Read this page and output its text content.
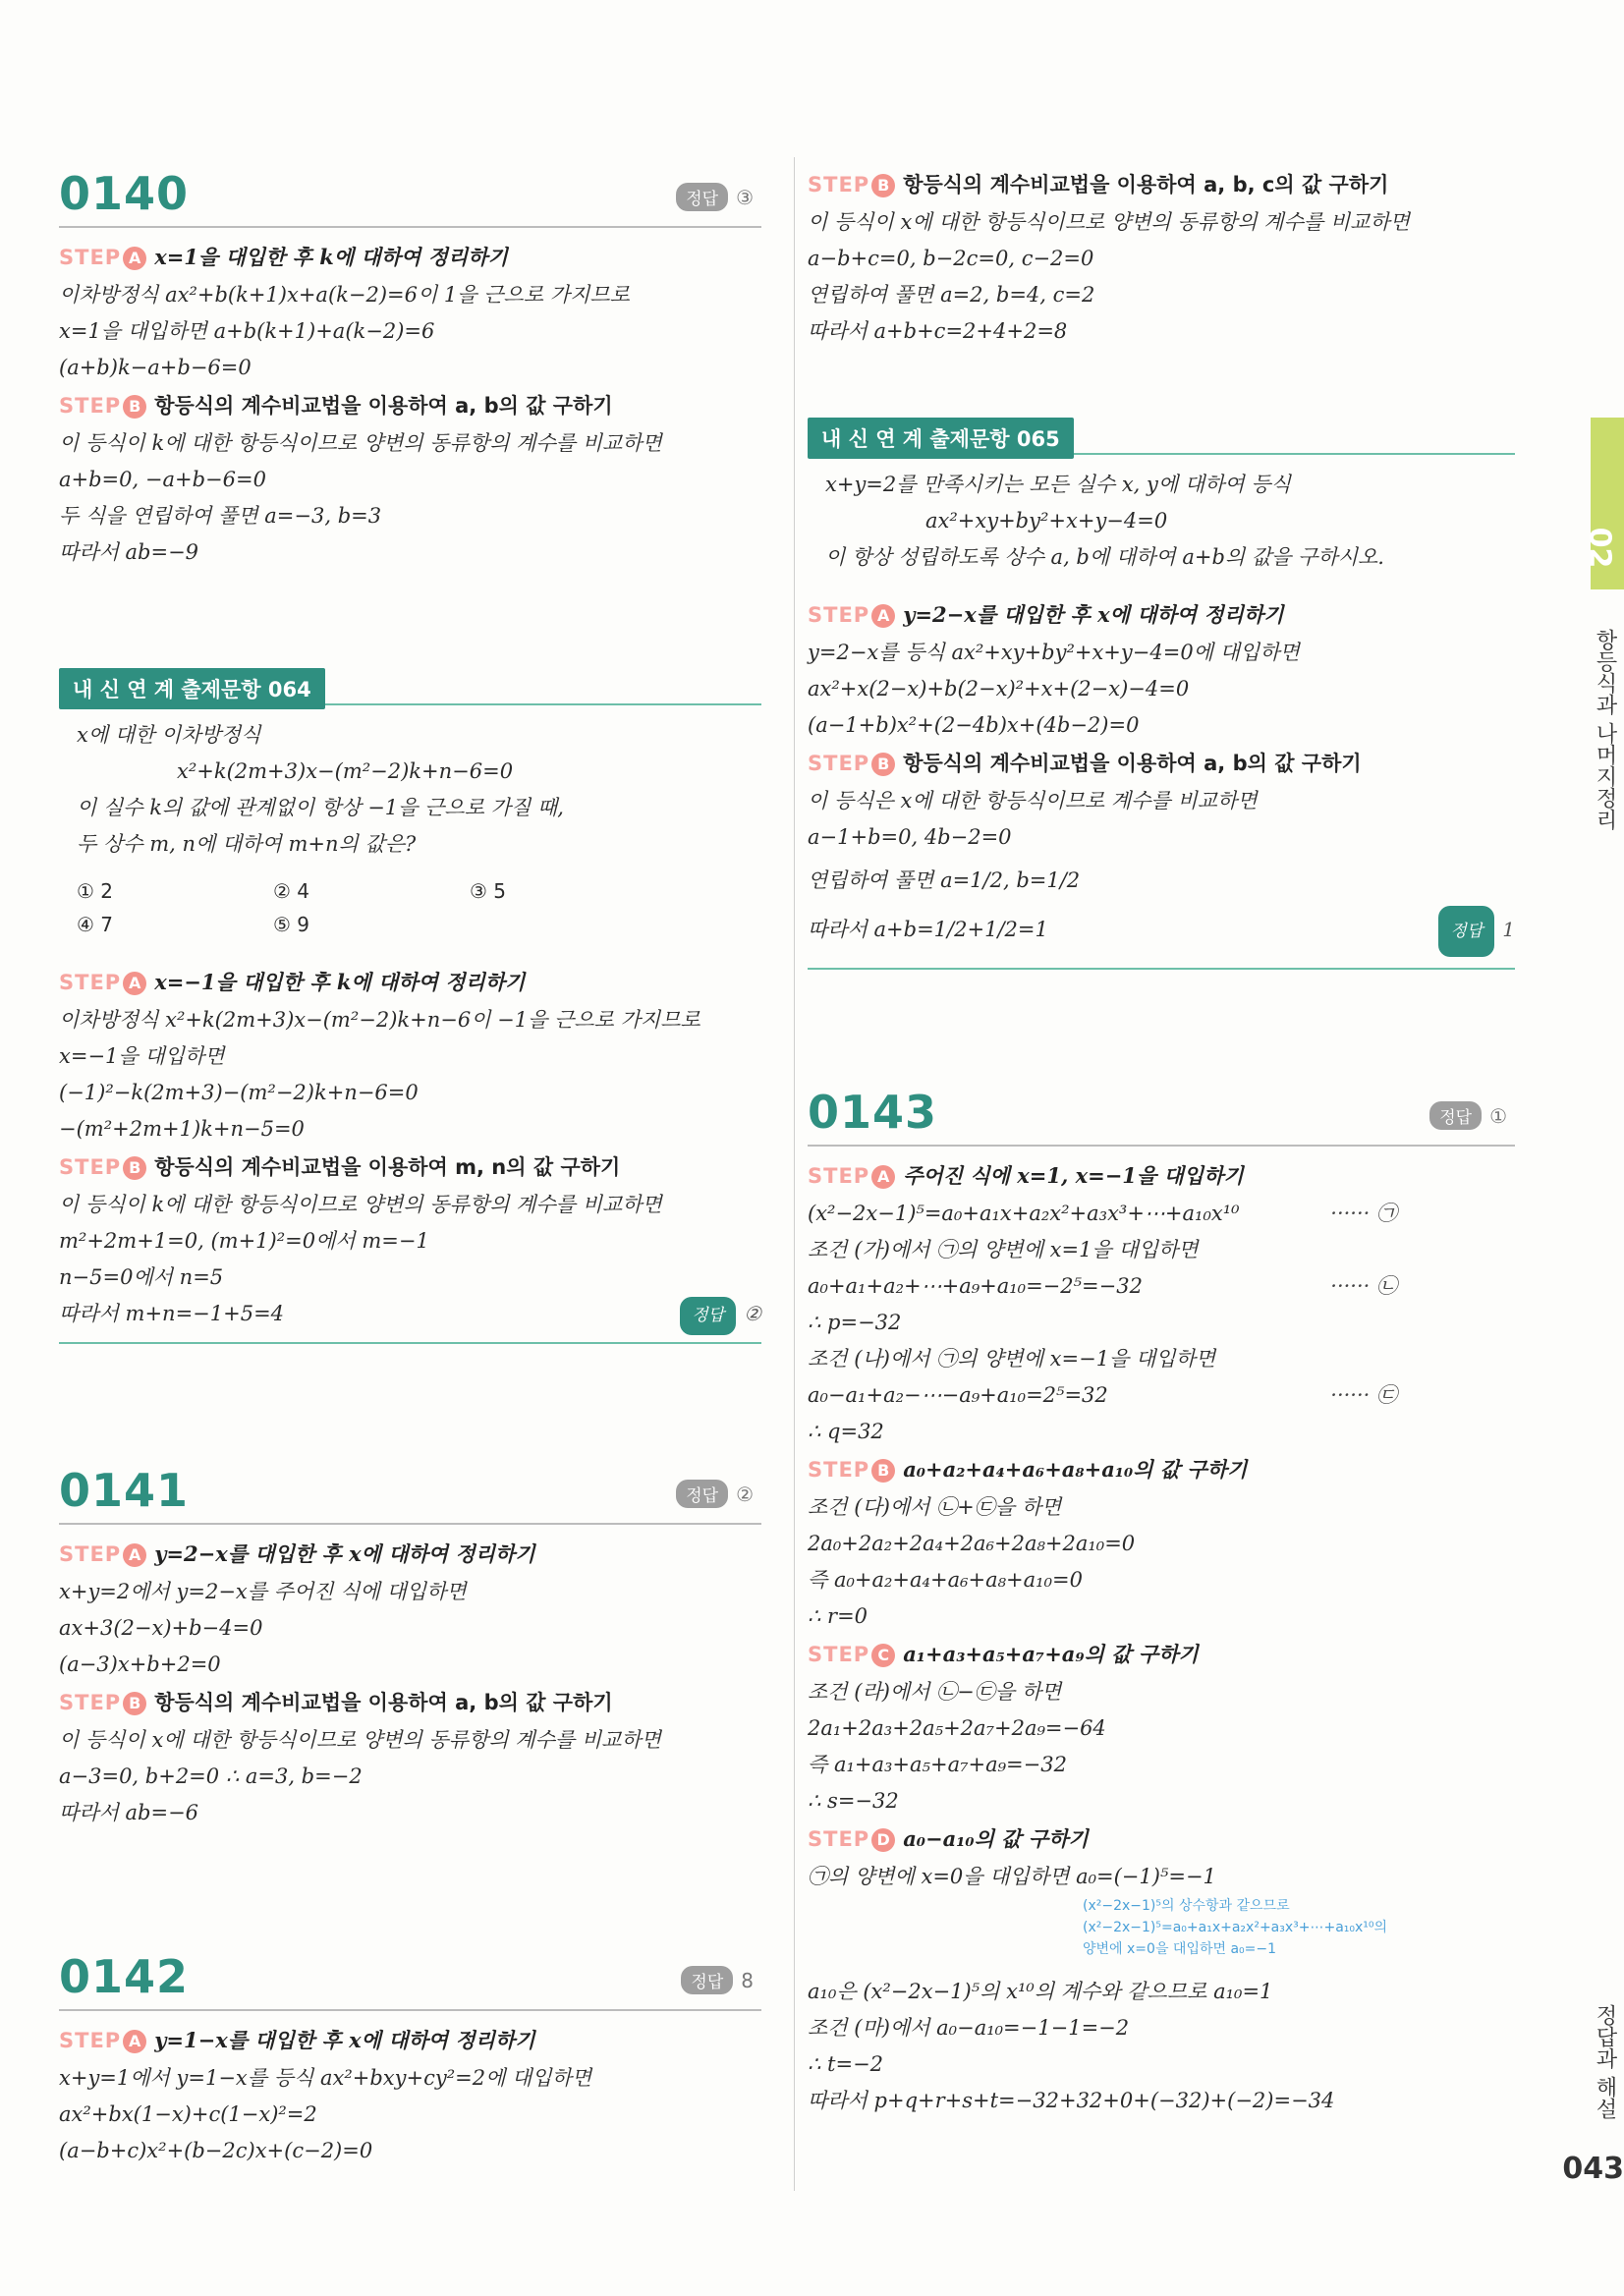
0140	정답 ③
STEP A x=1을 대입한 후 k에 대하여 정리하기
이차방정식 ax²+b(k+1)x+a(k−2)=6이 1을 근으로 가지므로
x=1을 대입하면 a+b(k+1)+a(k−2)=6
(a+b)k−a+b−6=0
STEP B 항등식의 계수비교법을 이용하여 a, b의 값 구하기
이 등식이 k에 대한 항등식이므로 양변의 동류항의 계수를 비교하면
a+b=0, −a+b−6=0
두 식을 연립하여 풀면 a=−3, b=3
따라서 ab=−9
내 신 연 계 출제문항 064
x에 대한 이차방정식
x²+k(2m+3)x−(m²−2)k+n−6=0
이 실수 k의 값에 관계없이 항상 −1을 근으로 가질 때,
두 상수 m, n에 대하여 m+n의 값은?
① 2	② 4	③ 5
④ 7	⑤ 9
STEP A x=−1을 대입한 후 k에 대하여 정리하기
이차방정식 x²+k(2m+3)x−(m²−2)k+n−6이 −1을 근으로 가지므로
x=−1을 대입하면
(−1)²−k(2m+3)−(m²−2)k+n−6=0
−(m²+2m+1)k+n−5=0
STEP B 항등식의 계수비교법을 이용하여 m, n의 값 구하기
이 등식이 k에 대한 항등식이므로 양변의 동류항의 계수를 비교하면
m²+2m+1=0, (m+1)²=0에서 m=−1
n−5=0에서 n=5
따라서 m+n=−1+5=4	정답 ②
0141	정답 ②
STEP A y=2−x를 대입한 후 x에 대하여 정리하기
x+y=2에서 y=2−x를 주어진 식에 대입하면
ax+3(2−x)+b−4=0
(a−3)x+b+2=0
STEP B 항등식의 계수비교법을 이용하여 a, b의 값 구하기
이 등식이 x에 대한 항등식이므로 양변의 동류항의 계수를 비교하면
a−3=0, b+2=0 ∴ a=3, b=−2
따라서 ab=−6
0142	정답 8
STEP A y=1−x를 대입한 후 x에 대하여 정리하기
x+y=1에서 y=1−x를 등식 ax²+bxy+cy²=2에 대입하면
ax²+bx(1−x)+c(1−x)²=2
(a−b+c)x²+(b−2c)x+(c−2)=0
STEP B 항등식의 계수비교법을 이용하여 a, b, c의 값 구하기
이 등식이 x에 대한 항등식이므로 양변의 동류항의 계수를 비교하면
a−b+c=0, b−2c=0, c−2=0
연립하여 풀면 a=2, b=4, c=2
따라서 a+b+c=2+4+2=8
내 신 연 계 출제문항 065
x+y=2를 만족시키는 모든 실수 x, y에 대하여 등식
ax²+xy+by²+x+y−4=0
이 항상 성립하도록 상수 a, b에 대하여 a+b의 값을 구하시오.
STEP A y=2−x를 대입한 후 x에 대하여 정리하기
y=2−x를 등식 ax²+xy+by²+x+y−4=0에 대입하면
ax²+x(2−x)+b(2−x)²+x+(2−x)−4=0
(a−1+b)x²+(2−4b)x+(4b−2)=0
STEP B 항등식의 계수비교법을 이용하여 a, b의 값 구하기
이 등식은 x에 대한 항등식이므로 계수를 비교하면
a−1+b=0, 4b−2=0
연립하여 풀면 a=1/2, b=1/2
따라서 a+b=1/2+1/2=1	정답 1
0143	정답 ①
STEP A 주어진 식에 x=1, x=−1을 대입하기
(x²−2x−1)⁵=a₀+a₁x+a₂x²+a₃x³+⋯+a₁₀x¹⁰	······ ㉠
조건 (가)에서 ㉠의 양변에 x=1을 대입하면
a₀+a₁+a₂+⋯+a₉+a₁₀=−2⁵=−32	······ ㉡
∴ p=−32
조건 (나)에서 ㉠의 양변에 x=−1을 대입하면
a₀−a₁+a₂−⋯−a₉+a₁₀=2⁵=32	······ ㉢
∴ q=32
STEP B a₀+a₂+a₄+a₆+a₈+a₁₀의 값 구하기
조건 (다)에서 ㉡+㉢을 하면
2a₀+2a₂+2a₄+2a₆+2a₈+2a₁₀=0
즉 a₀+a₂+a₄+a₆+a₈+a₁₀=0
∴ r=0
STEP C a₁+a₃+a₅+a₇+a₉의 값 구하기
조건 (라)에서 ㉡−㉢을 하면
2a₁+2a₃+2a₅+2a₇+2a₉=−64
즉 a₁+a₃+a₅+a₇+a₉=−32
∴ s=−32
STEP D a₀−a₁₀의 값 구하기
㉠의 양변에 x=0을 대입하면 a₀=(−1)⁵=−1
(x²−2x−1)⁵의 상수항과 같으므로
(x²−2x−1)⁵=a₀+a₁x+a₂x²+a₃x³+⋯+a₁₀x¹⁰의
양변에 x=0을 대입하면 a₀=−1
a₁₀은 (x²−2x−1)⁵의 x¹⁰의 계수와 같으므로 a₁₀=1
조건 (마)에서 a₀−a₁₀=−1−1=−2
∴ t=−2
따라서 p+q+r+s+t=−32+32+0+(−32)+(−2)=−34
02
항등식과 나머지정리
정답과 해설
043
